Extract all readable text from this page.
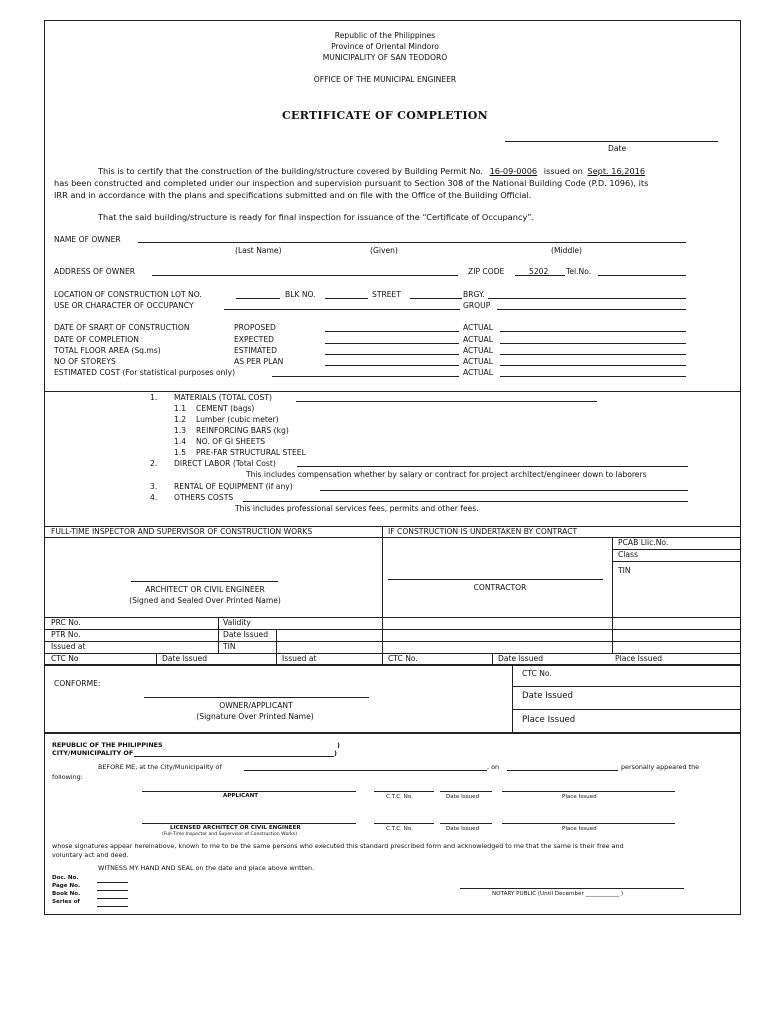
Republic of the Philippines
Province of Oriental Mindoro
MUNICIPALITY OF SAN TEODORO
OFFICE OF THE MUNICIPAL ENGINEER
CERTIFICATE OF COMPLETION
Date
This is to certify that the construction of the building/structure covered by Building Permit No. 16-09-0006 issued on Sept. 16,2016
has been constructed and completed under our inspection and supervision pursuant to Section 308 of the National Building Code (P.D. 1096), its
IRR and in accordance with the plans and specifications submitted and on file with the Office of the Building Official.
That the said building/structure is ready for final inspection for issuance of the “Certificate of Occupancy”.
NAME OF OWNER
(Last Name)	(Given)	(Middle)
ADDRESS OF OWNER	ZIP CODE	5202 Tel.No.
LOCATION OF CONSTRUCTION LOT NO.	BLK NO.	STREET	BRGY.
USE OR CHARACTER OF OCCUPANCY	GROUP
DATE OF SRART OF CONSTRUCTION	PROPOSED	ACTUAL
DATE OF COMPLETION	EXPECTED	ACTUAL
TOTAL FLOOR AREA (Sq.ms)	ESTIMATED	ACTUAL
NO OF STOREYS	AS PER PLAN	ACTUAL
ESTIMATED COST (For statistical purposes only)	ACTUAL
1. MATERIALS (TOTAL COST)
1.1 CEMENT (bags)
1.2 Lumber (cubic meter)
1.3 REINFORCING BARS (kg)
1.4 NO. OF GI SHEETS
1.5 PRE-FAR STRUCTURAL STEEL
2. DIRECT LABOR (Total Cost)
This includes compensation whether by salary or contract for project architect/engineer down to laborers
3. RENTAL OF EQUIPMENT (if any)
4. OTHERS COSTS
This includes professional services fees, permits and other fees.
FULL-TIME INSPECTOR AND SUPERVISOR OF CONSTRUCTION WORKS	IF CONSTRUCTION IS UNDERTAKEN BY CONTRACT
PCAB Llic.No.
Class
TIN
ARCHITECT OR CIVIL ENGINEER
(Signed and Sealed Over Printed Name)
CONTRACTOR
PRC No.	Validity
PTR No.	Date Issued
Issued at	TIN
CTC No	Date Issued	Issued at	CTC No.	Date Issued	Place Issued
CONFORME:
OWNER/APPLICANT
(Signature Over Printed Name)
CTC No.
Date Issued
Place Issued
REPUBLIC OF THE PHILIPPINES	)
CITY/MUNICIPALITY OF	)
BEFORE ME, at the City/Municipality of	, on	personally appeared the
following:
APPLICANT	C.T.C. No.	Date Issued	Place Issued
LICENSED ARCHITECT OR CIVIL ENGINEER
(Full-Time Inspector and Supervisor of Construction Works)
C.T.C. No.	Date Issued	Place Issued
whose signatures appear hereinabove, known to me to be the same persons who executed this standard prescribed form and acknowledged to me that the same is their free and
voluntary act and deed.
WITNESS MY HAND AND SEAL on the date and place above written.
Doc. No.
Page No.
Book No.
Series of
NOTARY PUBLIC (Until December ____________ )
